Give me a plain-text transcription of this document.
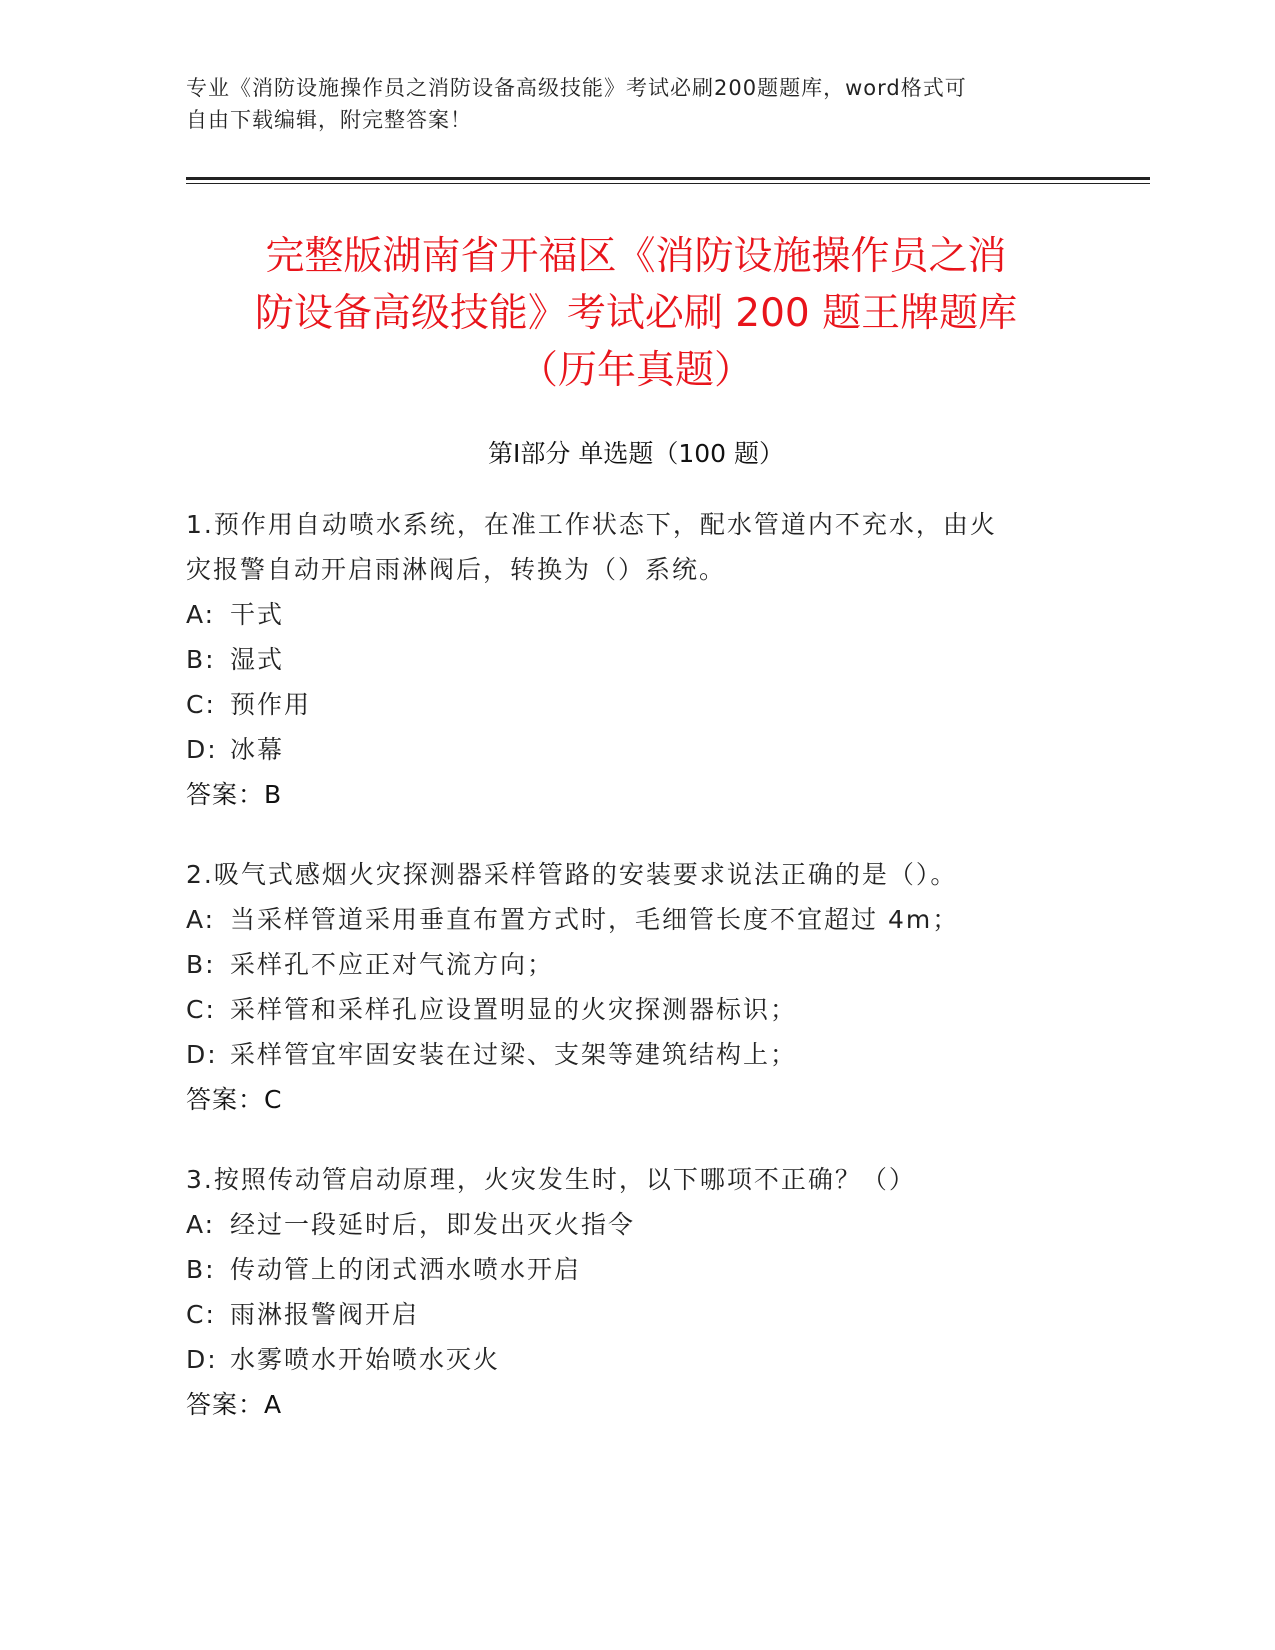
专业《消防设施操作员之消防设备高级技能》考试必刷200题题库，word格式可
自由下载编辑，附完整答案！
完整版湖南省开福区《消防设施操作员之消
防设备高级技能》考试必刷 200 题王牌题库
（历年真题）
第Ⅰ部分 单选题（100 题）
1.预作用自动喷水系统，在准工作状态下，配水管道内不充水，由火
灾报警自动开启雨淋阀后，转换为（）系统。
A: 干式
B: 湿式
C: 预作用
D: 冰幕
答案：B
2.吸气式感烟火灾探测器采样管路的安装要求说法正确的是（）。
A: 当采样管道采用垂直布置方式时，毛细管长度不宜超过 4m；
B: 采样孔不应正对气流方向；
C: 采样管和采样孔应设置明显的火灾探测器标识；
D: 采样管宜牢固安装在过梁、支架等建筑结构上；
答案：C
3.按照传动管启动原理，火灾发生时，以下哪项不正确？（）
A: 经过一段延时后，即发出灭火指令
B: 传动管上的闭式洒水喷水开启
C: 雨淋报警阀开启
D: 水雾喷水开始喷水灭火
答案：A
